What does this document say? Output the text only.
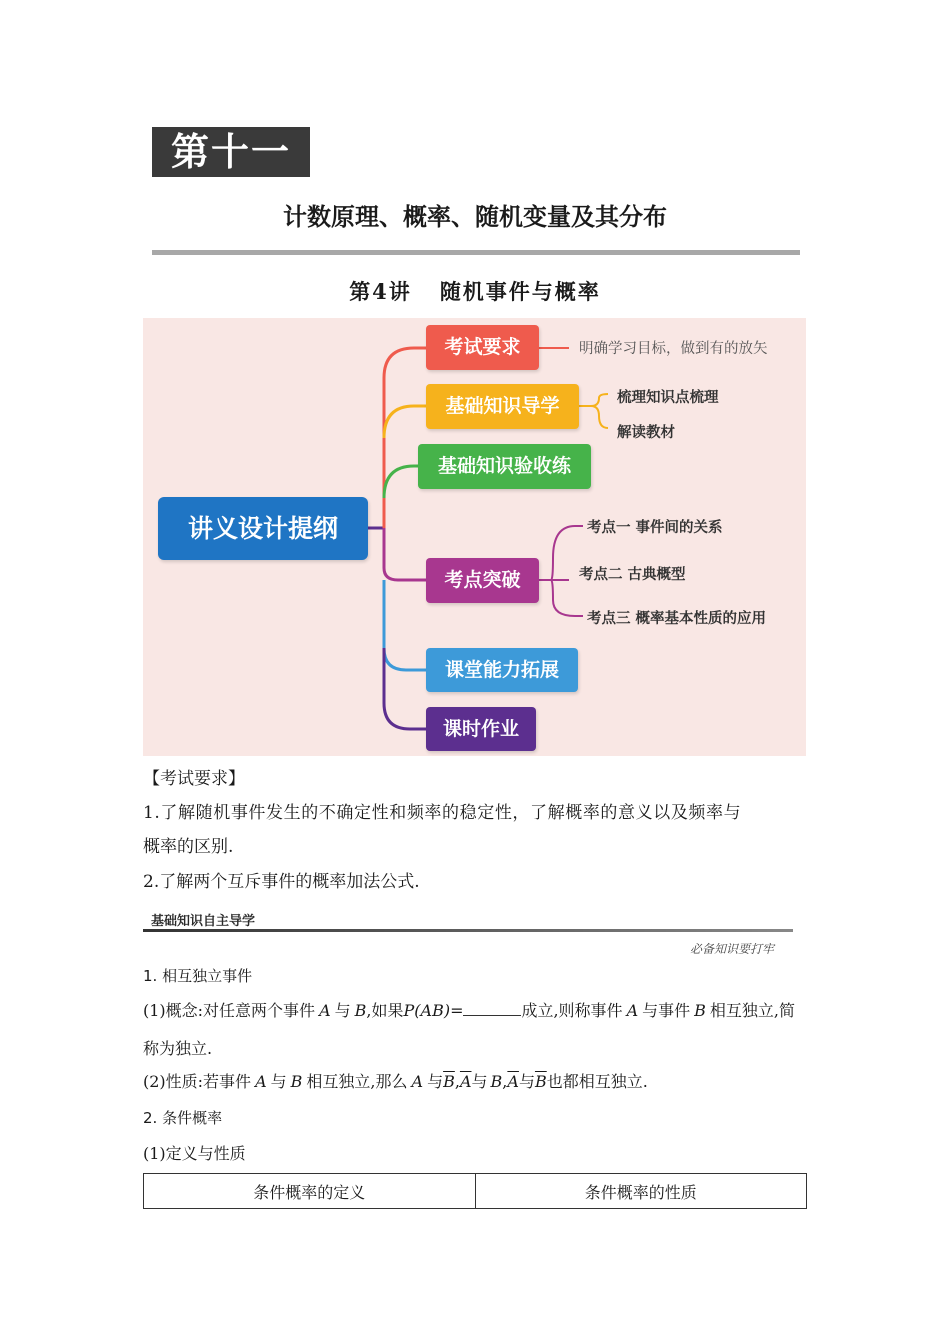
第十一章	计数原理、概率、随机变量及其分布
第4讲 随机事件与概率
讲义设计提纲
考试要求	明确学习目标，做到有的放矢
基础知识导学	梳理知识点梳理
解读教材
基础知识验收练
考点突破
考点一 事件间的关系
考点二 古典概型
考点三 概率基本性质的应用
课堂能力拓展
课时作业
【考试要求】
1.了解随机事件发生的不确定性和频率的稳定性，了解概率的意义以及频率与
概率的区别.
2.了解两个互斥事件的概率加法公式.
基础知识自主导学
必备知识要打牢
1. 相互独立事件
(1)概念:对任意两个事件 A 与 B,如果P(AB)=	成立,则称事件 A 与事件 B 相互独立,简
称为独立.
(2)性质:若事件 A 与 B 相互独立,那么 A 与$\overline{B},\overline{A}$与 $B,\overline{A}$与$\overline{B}$也都相互独立.
2. 条件概率
(1)定义与性质
条件概率的定义	条件概率的性质
